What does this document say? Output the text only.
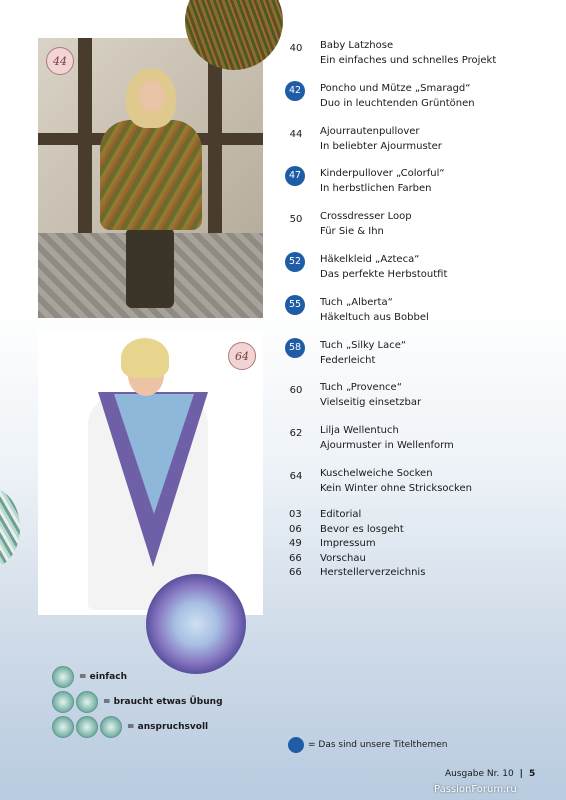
44
64
40	Baby Latzhose
Ein einfaches und schnelles Projekt
42	Poncho und Mütze „Smaragd“
Duo in leuchtenden Grüntönen
44	Ajourrautenpullover
In beliebter Ajourmuster
47	Kinderpullover „Colorful“
In herbstlichen Farben
50	Crossdresser Loop
Für Sie & Ihn
52	Häkelkleid „Azteca“
Das perfekte Herbstoutfit
55	Tuch „Alberta“
Häkeltuch aus Bobbel
58	Tuch „Silky Lace“
Federleicht
60	Tuch „Provence“
Vielseitig einsetzbar
62	Lilja Wellentuch
Ajourmuster in Wellenform
64	Kuschelweiche Socken
Kein Winter ohne Stricksocken
03 Editorial
06 Bevor es losgeht
49 Impressum
66 Vorschau
66 Herstellerverzeichnis
= einfach
= braucht etwas Übung
= anspruchsvoll
= Das sind unsere Titelthemen
Ausgabe Nr. 10 | 5
PassionForum.ru
